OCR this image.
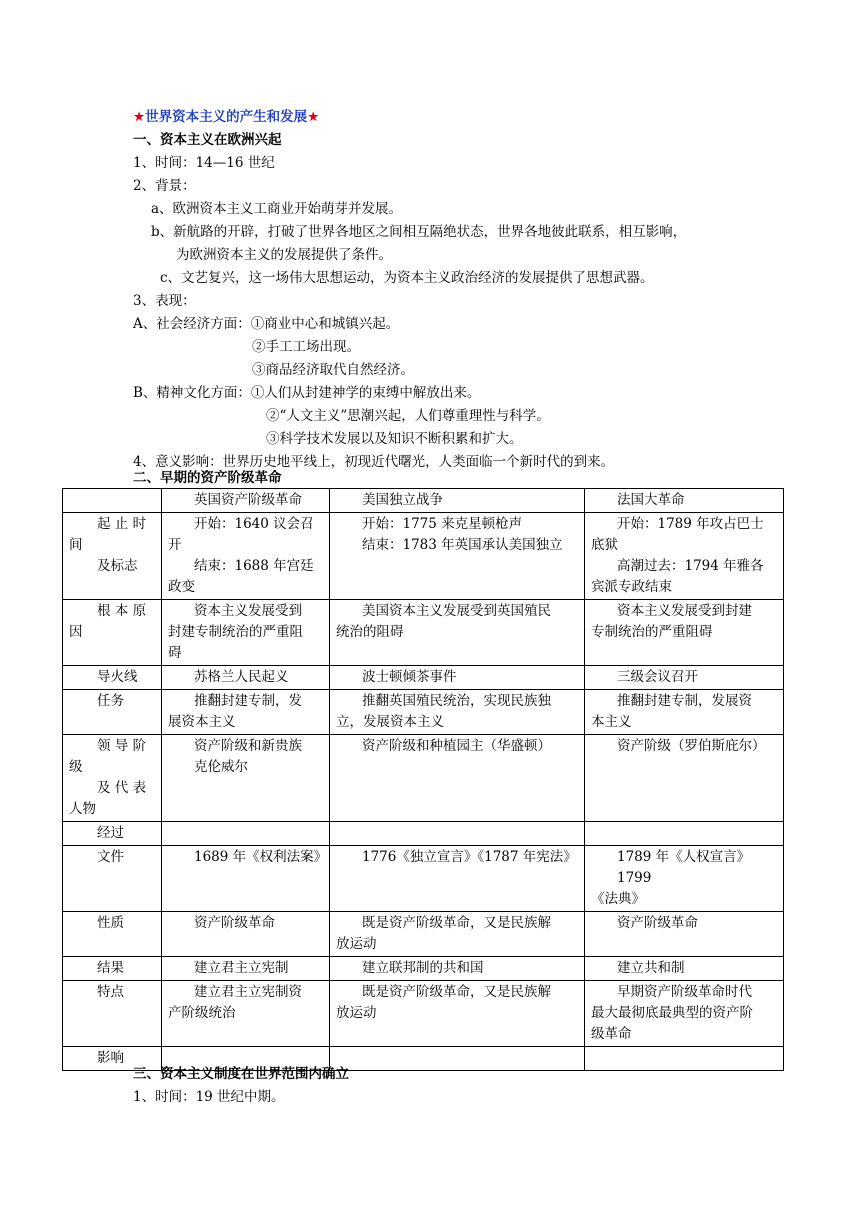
★世界资本主义的产生和发展★
一、资本主义在欧洲兴起
1、时间：14—16 世纪
2、背景：
a、欧洲资本主义工商业开始萌芽并发展。
b、新航路的开辟，打破了世界各地区之间相互隔绝状态，世界各地彼此联系，相互影响，
为欧洲资本主义的发展提供了条件。
c、文艺复兴，这一场伟大思想运动，为资本主义政治经济的发展提供了思想武器。
3、表现：
A、社会经济方面：①商业中心和城镇兴起。
②手工工场出现。
③商品经济取代自然经济。
B、精神文化方面：①人们从封建神学的束缚中解放出来。
②“人文主义”思潮兴起，人们尊重理性与科学。
③科学技术发展以及知识不断积累和扩大。
4、意义影响：世界历史地平线上，初现近代曙光，人类面临一个新时代的到来。
二、早期的资产阶级革命

	英国资产阶级革命	美国独立战争	法国大革命

起 止 时
间
及标志	开始：1640 议会召
开
结束：1688 年宫廷
政变	开始：1775 来克星顿枪声
结束：1783 年英国承认美国独立	开始：1789 年攻占巴士
底狱
高潮过去：1794 年雅各
宾派专政结束

根 本 原
因	资本主义发展受到
封建专制统治的严重阻
碍	美国资本主义发展受到英国殖民
统治的阻碍	资本主义发展受到封建
专制统治的严重阻碍

导火线	苏格兰人民起义	波士顿倾茶事件	三级会议召开

任务	推翻封建专制，发
展资本主义	推翻英国殖民统治，实现民族独
立，发展资本主义	推翻封建专制，发展资
本主义

领 导 阶
级
及 代 表
人物	资产阶级和新贵族
克伦威尔	资产阶级和种植园主（华盛顿）	资产阶级（罗伯斯庇尔）

经过			

文件	1689 年《权利法案》	1776《独立宣言》《1787 年宪法》	1789 年《人权宣言》1799
《法典》

性质	资产阶级革命	既是资产阶级革命，又是民族解
放运动	资产阶级革命

结果	建立君主立宪制	建立联邦制的共和国	建立共和制

特点	建立君主立宪制资
产阶级统治	既是资产阶级革命，又是民族解
放运动	早期资产阶级革命时代
最大最彻底最典型的资产阶
级革命

影响			

三、资本主义制度在世界范围内确立
1、时间：19 世纪中期。
